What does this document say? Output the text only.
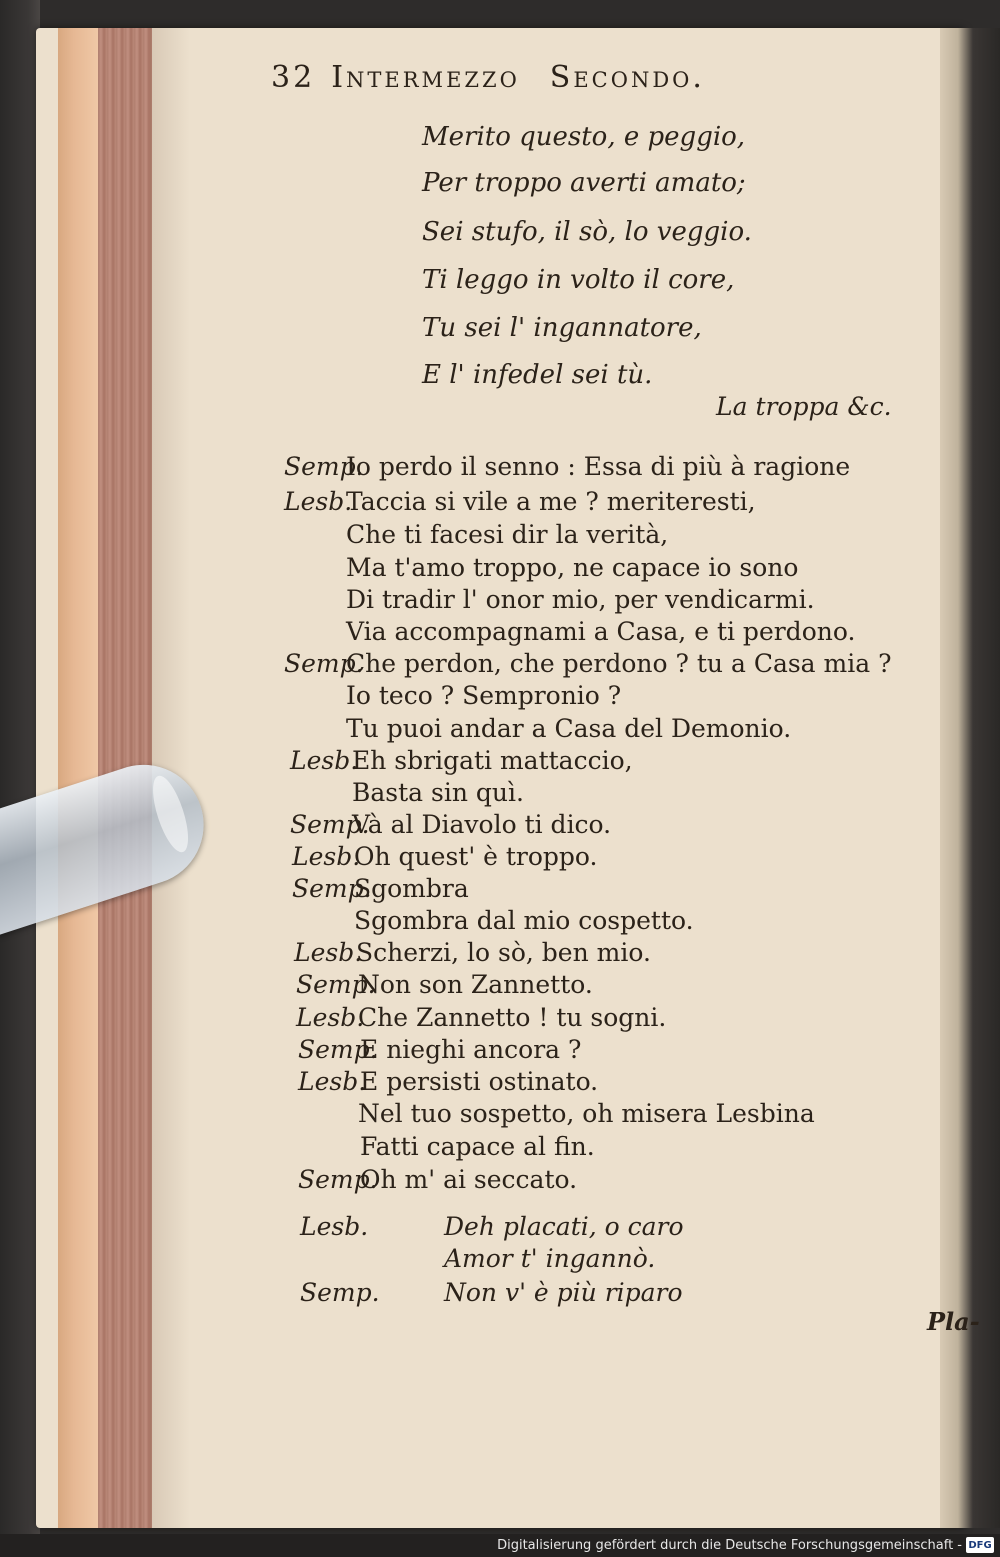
32 Intermezzo Secondo.
Merito questo, e peggio,
Per troppo averti amato;
Sei stufo, il sò, lo veggio.
Ti leggo in volto il core,
Tu sei l' ingannatore,
E l' infedel sei tù.
La troppa &c.
Semp.Io perdo il senno : Essa di più à ragione
Lesb.Taccia si vile a me ? meriteresti,
Che ti facesi dir la verità,
Ma t'amo troppo, ne capace io sono
Di tradir l' onor mio, per vendicarmi.
Via accompagnami a Casa, e ti perdono.
Semp.Che perdon, che perdono ? tu a Casa mia ?
Io teco ? Sempronio ?
Tu puoi andar a Casa del Demonio.
Lesb.Eh sbrigati mattaccio,
Basta sin quì.
Semp.Và al Diavolo ti dico.
Lesb.Oh quest' è troppo.
Semp.Sgombra
Sgombra dal mio cospetto.
Lesb.Scherzi, lo sò, ben mio.
Semp.Non son Zannetto.
Lesb.Che Zannetto ! tu sogni.
Semp.E nieghi ancora ?
Lesb.E persisti ostinato.
Nel tuo sospetto, oh misera Lesbina
Fatti capace al fin.
Semp.Oh m' ai seccato.
Lesb.	Deh placati, o caro
Amor t' ingannò.
Semp.	Non v' è più riparo
Pla-
Digitalisierung gefördert durch die Deutsche Forschungsgemeinschaft - DFG
